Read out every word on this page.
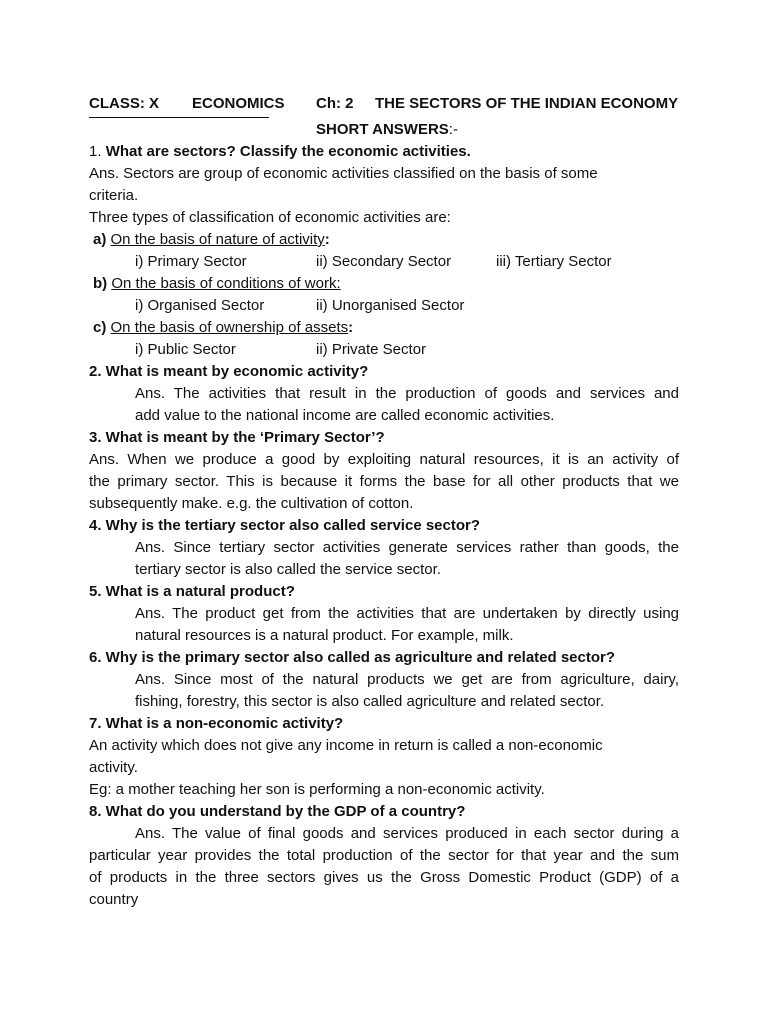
CLASS: X ECONOMICS Ch: 2 THE SECTORS OF THE INDIAN ECONOMY
SHORT ANSWERS:-
1. What are sectors? Classify the economic activities.
Ans. Sectors are group of economic activities classified on the basis of some
criteria.
Three types of classification of economic activities are:
a) On the basis of nature of activity:
i) Primary Sector	ii) Secondary Sector	iii) Tertiary Sector
b) On the basis of conditions of work:
i) Organised Sector	ii) Unorganised Sector
c) On the basis of ownership of assets:
i) Public Sector	ii) Private Sector
2. What is meant by economic activity?
Ans. The activities that result in the production of goods and services and
add value to the national income are called economic activities.
3. What is meant by the ‘Primary Sector’?
Ans. When we produce a good by exploiting natural resources, it is an activity of
the primary sector. This is because it forms the base for all other products that we
subsequently make. e.g. the cultivation of cotton.
4. Why is the tertiary sector also called service sector?
Ans. Since tertiary sector activities generate services rather than goods, the
tertiary sector is also called the service sector.
5. What is a natural product?
Ans. The product get from the activities that are undertaken by directly using
natural resources is a natural product. For example, milk.
6. Why is the primary sector also called as agriculture and related sector?
Ans. Since most of the natural products we get are from agriculture, dairy,
fishing, forestry, this sector is also called agriculture and related sector.
7. What is a non-economic activity?
An activity which does not give any income in return is called a non-economic
activity.
Eg: a mother teaching her son is performing a non-economic activity.
8. What do you understand by the GDP of a country?
Ans. The value of final goods and services produced in each sector during a
particular year provides the total production of the sector for that year and the sum
of products in the three sectors gives us the Gross Domestic Product (GDP) of a
country
